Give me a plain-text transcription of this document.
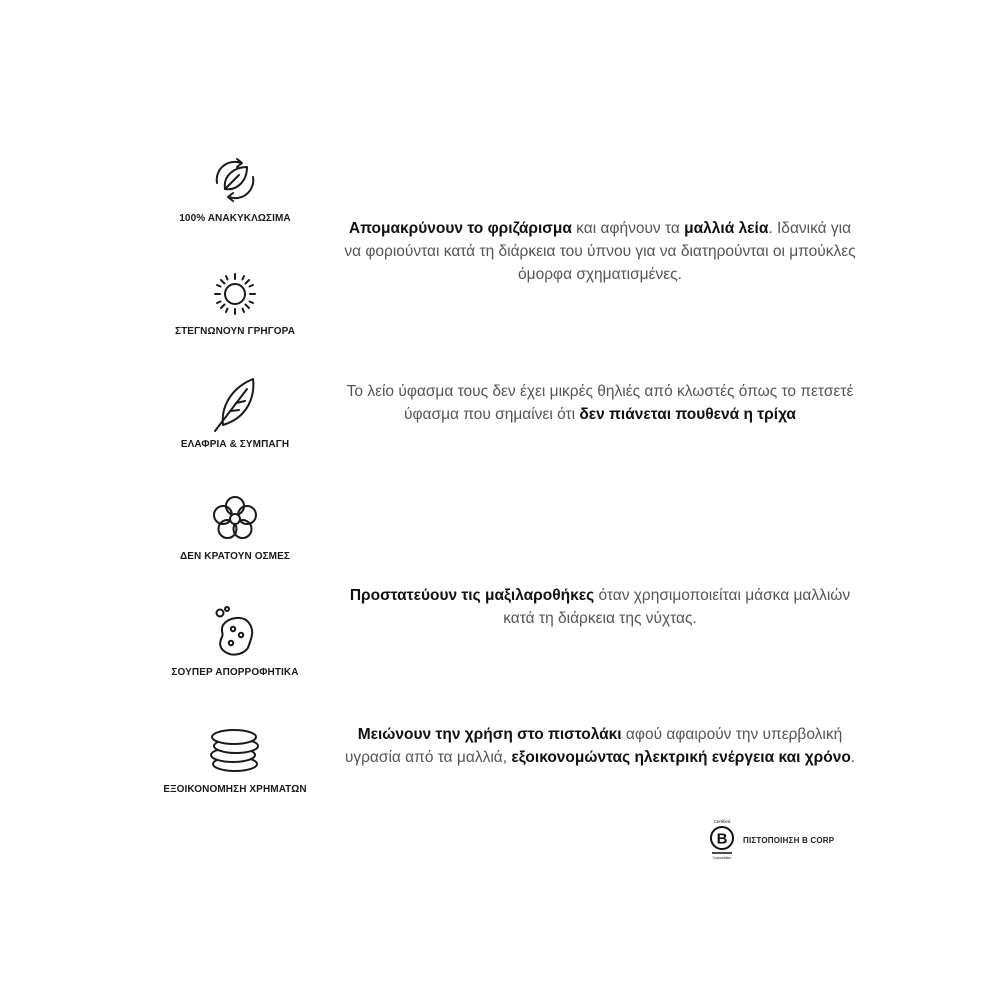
100% ΑΝΑΚΥΚΛΩΣΙΜΑ
ΣΤΕΓΝΩΝΟΥΝ ΓΡΗΓΟΡΑ
ΕΛΑΦΡΙΑ & ΣΥΜΠΑΓΗ
ΔΕΝ ΚΡΑΤΟΥΝ ΟΣΜΕΣ
ΣΟΥΠΕΡ ΑΠΟΡΡΟΦΗΤΙΚΑ
ΕΞΟΙΚΟΝΟΜΗΣΗ ΧΡΗΜΑΤΩΝ
Απομακρύνουν το φριζάρισμα και αφήνουν τα μαλλιά λεία. Ιδανικά για να φοριούνται κατά τη διάρκεια του ύπνου για να διατηρούνται οι μπούκλες όμορφα σχηματισμένες.
Το λείο ύφασμα τους δεν έχει μικρές θηλιές από κλωστές όπως το πετσετέ ύφασμα που σημαίνει ότι δεν πιάνεται πουθενά η τρίχα
Προστατεύουν τις μαξιλαροθήκες όταν χρησιμοποιείται μάσκα μαλλιών κατά τη διάρκεια της νύχτας.
Μειώνουν την χρήση στο πιστολάκι αφού αφαιρούν την υπερβολική υγρασία από τα μαλλιά, εξοικονομώντας ηλεκτρική ενέργεια και χρόνο.
Certified
B
Corporation
ΠΙΣΤΟΠΟΙΗΣΗ B CORP
